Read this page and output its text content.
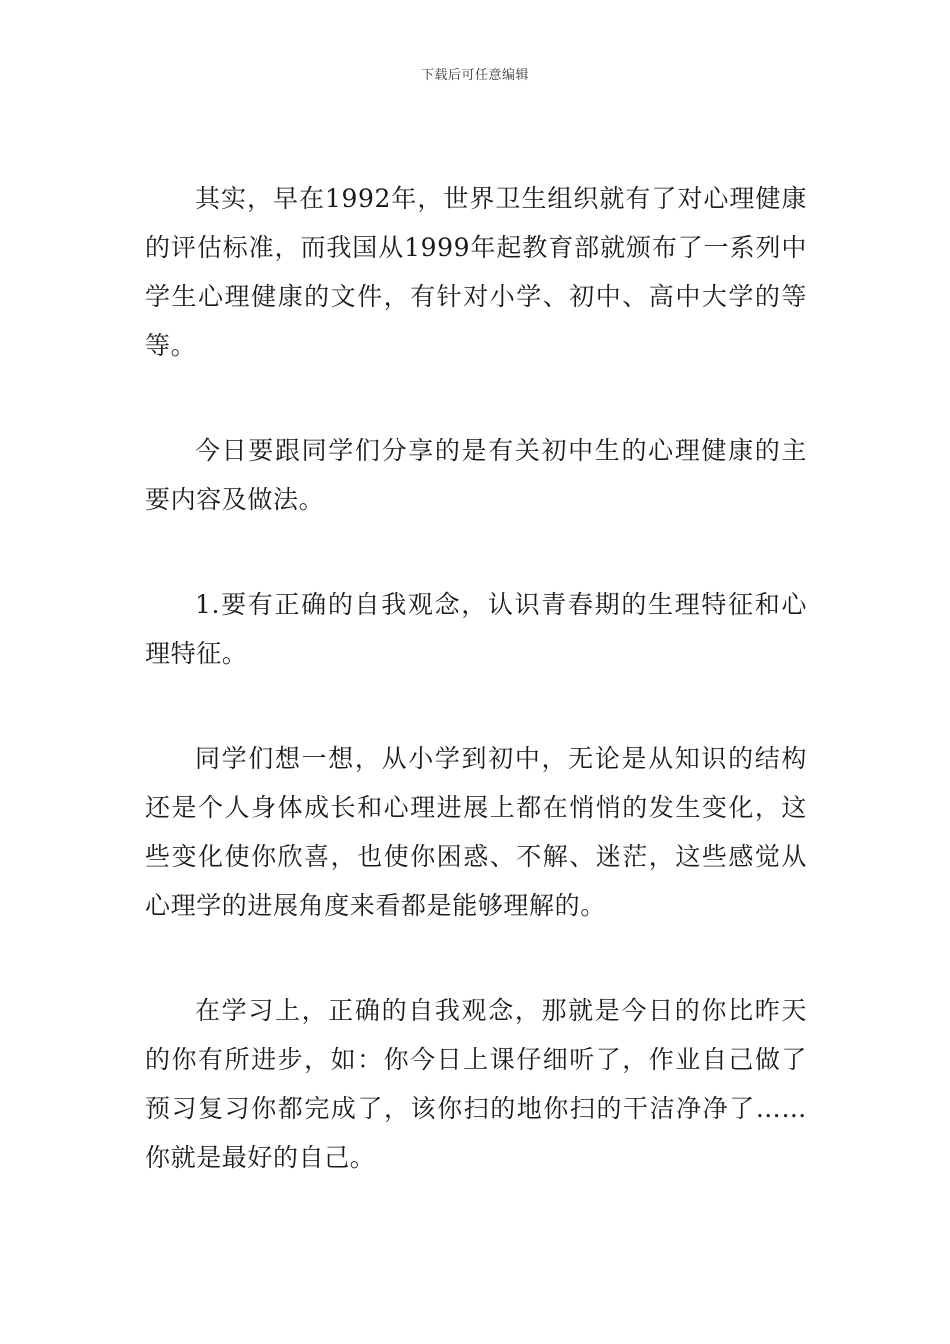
下载后可任意编辑

其实，早在1992年，世界卫生组织就有了对心理健康的评估标准，而我国从1999年起教育部就颁布了一系列中学生心理健康的文件，有针对小学、初中、高中大学的等等。

今日要跟同学们分享的是有关初中生的心理健康的主要内容及做法。

1.要有正确的自我观念，认识青春期的生理特征和心理特征。

同学们想一想，从小学到初中，无论是从知识的结构还是个人身体成长和心理进展上都在悄悄的发生变化，这些变化使你欣喜，也使你困惑、不解、迷茫，这些感觉从心理学的进展角度来看都是能够理解的。

在学习上，正确的自我观念，那就是今日的你比昨天的你有所进步，如：你今日上课仔细听了，作业自己做了预习复习你都完成了，该你扫的地你扫的干洁净净了……你就是最好的自己。
